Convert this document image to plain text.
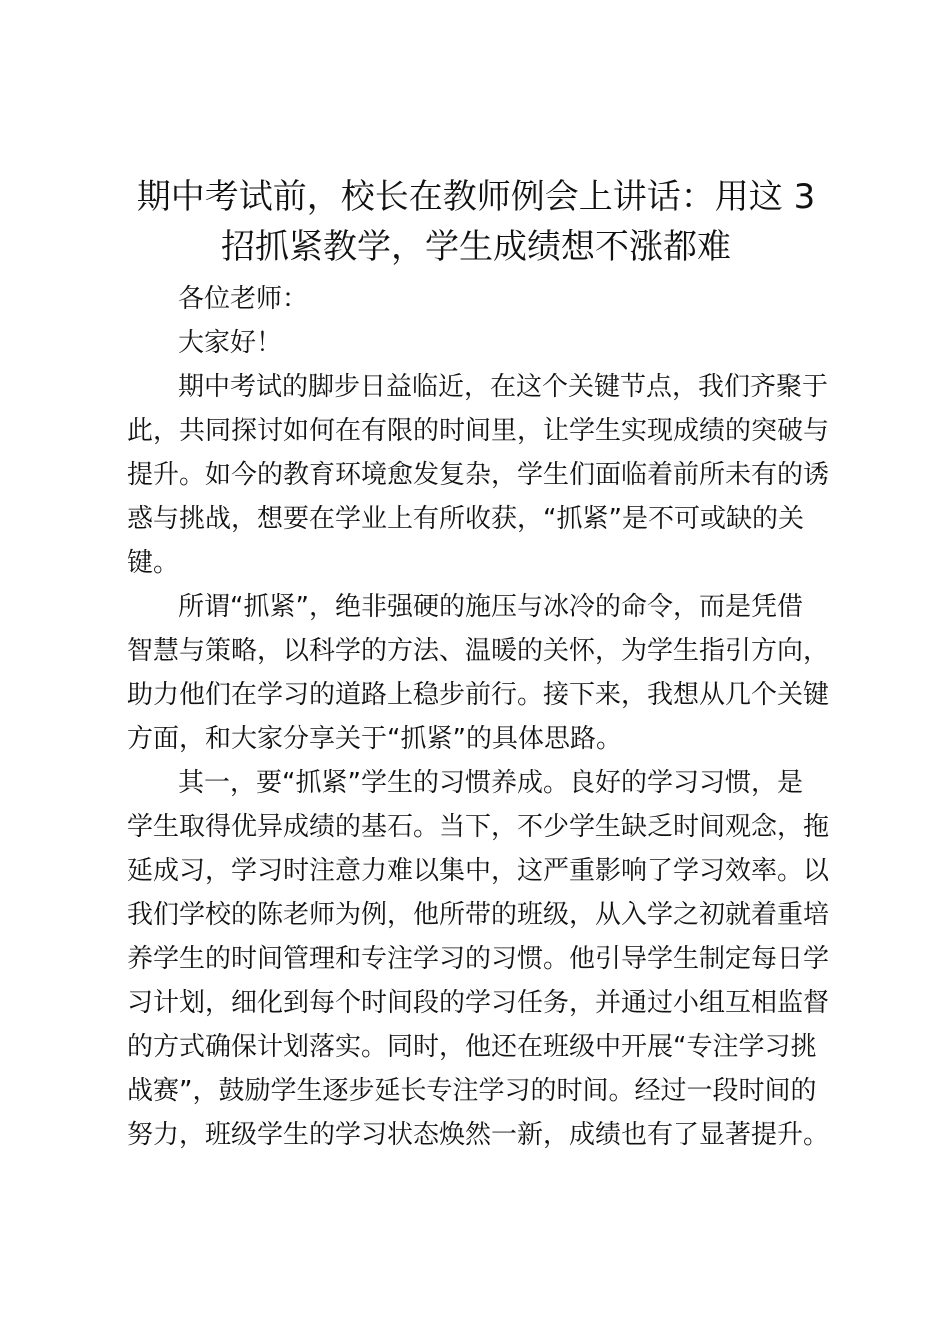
期中考试前，校长在教师例会上讲话：用这 3
招抓紧教学，学生成绩想不涨都难

各位老师：

大家好！

期中考试的脚步日益临近，在这个关键节点，我们齐聚于

此，共同探讨如何在有限的时间里，让学生实现成绩的突破与

提升。如今的教育环境愈发复杂，学生们面临着前所未有的诱

惑与挑战，想要在学业上有所收获，“抓紧”是不可或缺的关

键。

所谓“抓紧”，绝非强硬的施压与冰冷的命令，而是凭借

智慧与策略，以科学的方法、温暖的关怀，为学生指引方向，

助力他们在学习的道路上稳步前行。接下来，我想从几个关键

方面，和大家分享关于“抓紧”的具体思路。

其一，要“抓紧”学生的习惯养成。良好的学习习惯，是

学生取得优异成绩的基石。当下，不少学生缺乏时间观念，拖

延成习，学习时注意力难以集中，这严重影响了学习效率。以

我们学校的陈老师为例，他所带的班级，从入学之初就着重培

养学生的时间管理和专注学习的习惯。他引导学生制定每日学

习计划，细化到每个时间段的学习任务，并通过小组互相监督

的方式确保计划落实。同时，他还在班级中开展“专注学习挑

战赛”，鼓励学生逐步延长专注学习的时间。经过一段时间的

努力，班级学生的学习状态焕然一新，成绩也有了显著提升。
